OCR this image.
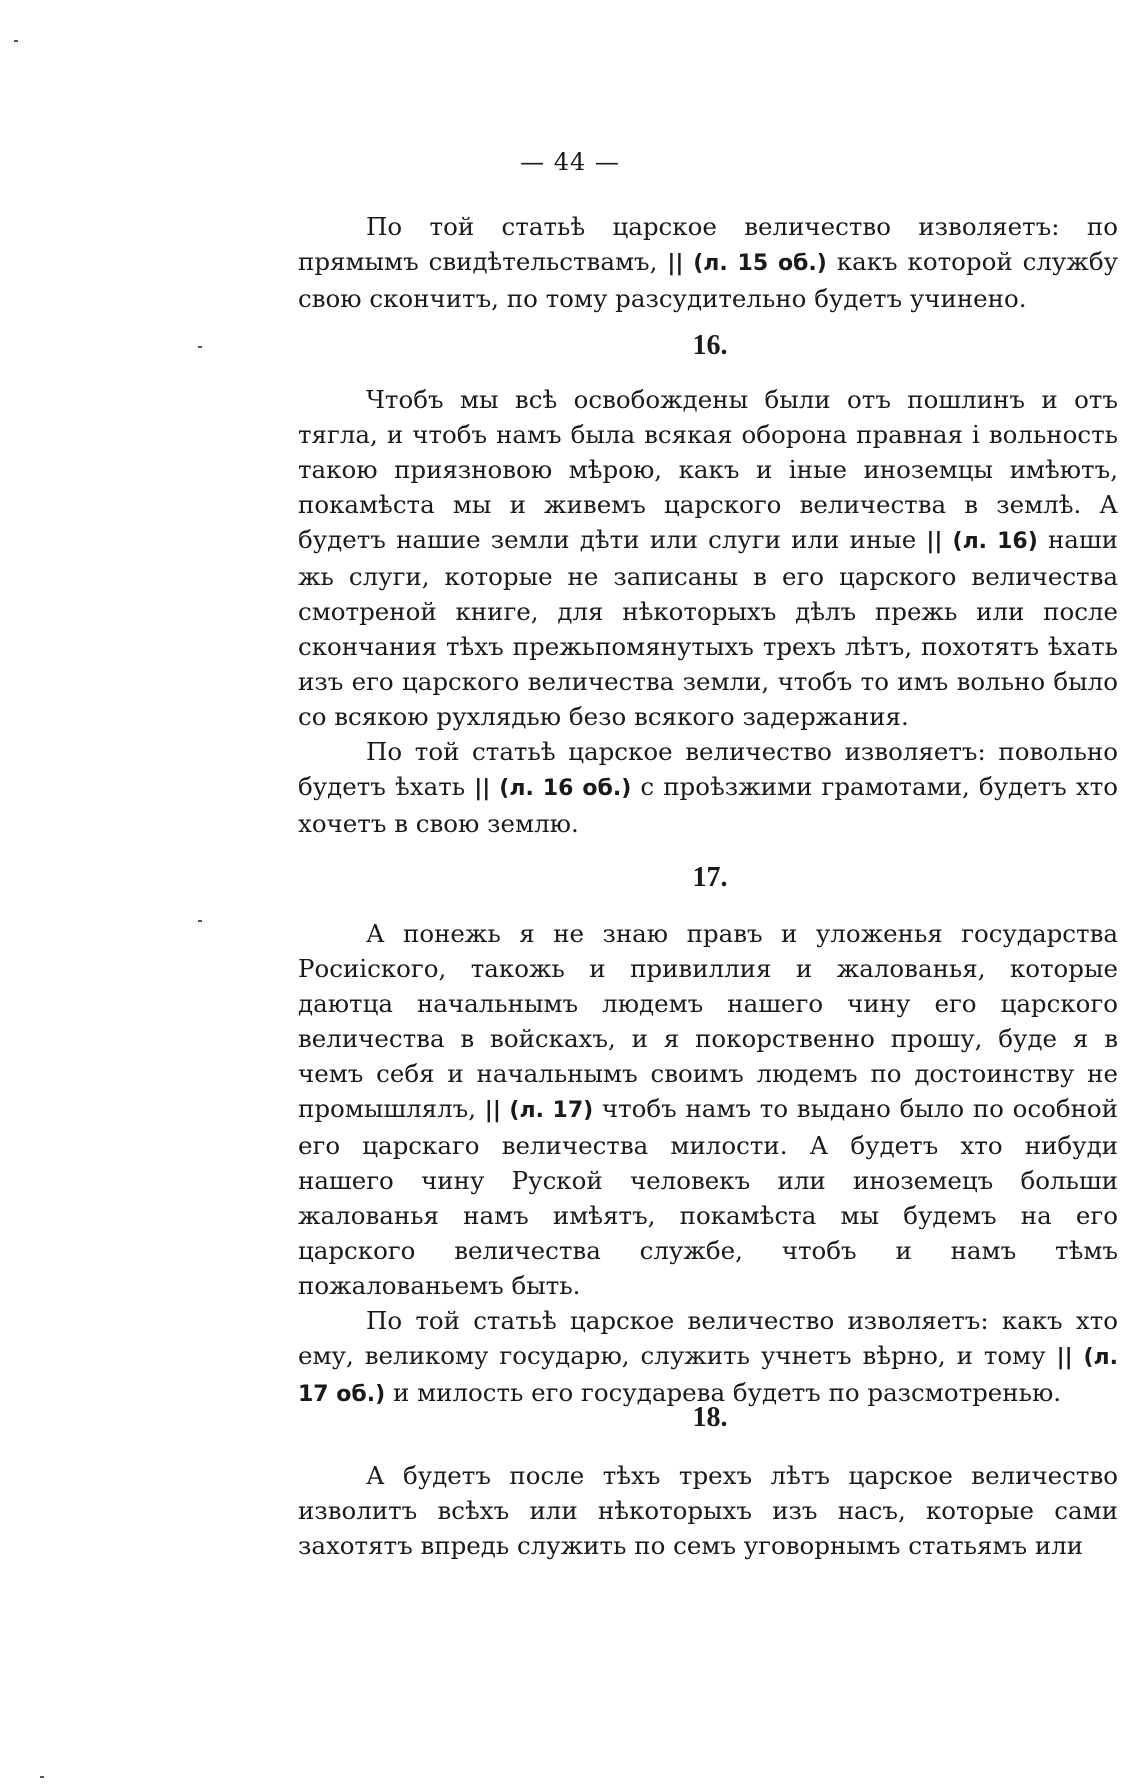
— 44 —

По той статьѣ царское величество изволяетъ: по прямымъ свидѣтельствамъ, || (л. 15 об.) какъ которой службу свою скончитъ, по тому разсудительно будетъ учинено.

16.

Чтобъ мы всѣ освобождены были отъ пошлинъ и отъ тягла, и чтобъ намъ была всякая оборона правная і вольность такою приязновою мѣрою, какъ и іные иноземцы имѣютъ, покамѣста мы и живемъ царского величества в землѣ. А будетъ нашие земли дѣти или слуги или иные || (л. 16) наши жь слуги, которые не записаны в его царского величества смотреной книге, для нѣкоторыхъ дѣлъ прежь или после скончания тѣхъ прежьпомянутыхъ трехъ лѣтъ, похотятъ ѣхать изъ его царского величества земли, чтобъ то имъ вольно было со всякою рухлядью безо всякого задержания.

По той статьѣ царское величество изволяетъ: повольно будетъ ѣхать || (л. 16 об.) с проѣзжими грамотами, будетъ хто хочетъ в свою землю.

17.

А понежь я не знаю правъ и уложенья государства Росиіского, такожь и привиллия и жалованья, которые даютца начальнымъ людемъ нашего чину его царского величества в войскахъ, и я покорственно прошу, буде я в чемъ себя и начальнымъ своимъ людемъ по достоинству не промышлялъ, || (л. 17) чтобъ намъ то выдано было по особной его царскаго величества милости. А будетъ хто нибуди нашего чину Руской человекъ или иноземецъ больши жалованья намъ имѣятъ, покамѣста мы будемъ на его царского величества службе, чтобъ и намъ тѣмъ пожалованьемъ быть.

По той статьѣ царское величество изволяетъ: какъ хто ему, великому государю, служить учнетъ вѣрно, и тому || (л. 17 об.) и милость его государева будетъ по разсмотренью.

18.

А будетъ после тѣхъ трехъ лѣтъ царское величество изволитъ всѣхъ или нѣкоторыхъ изъ насъ, которые сами захотятъ впредь служить по семъ уговорнымъ статьямъ или
